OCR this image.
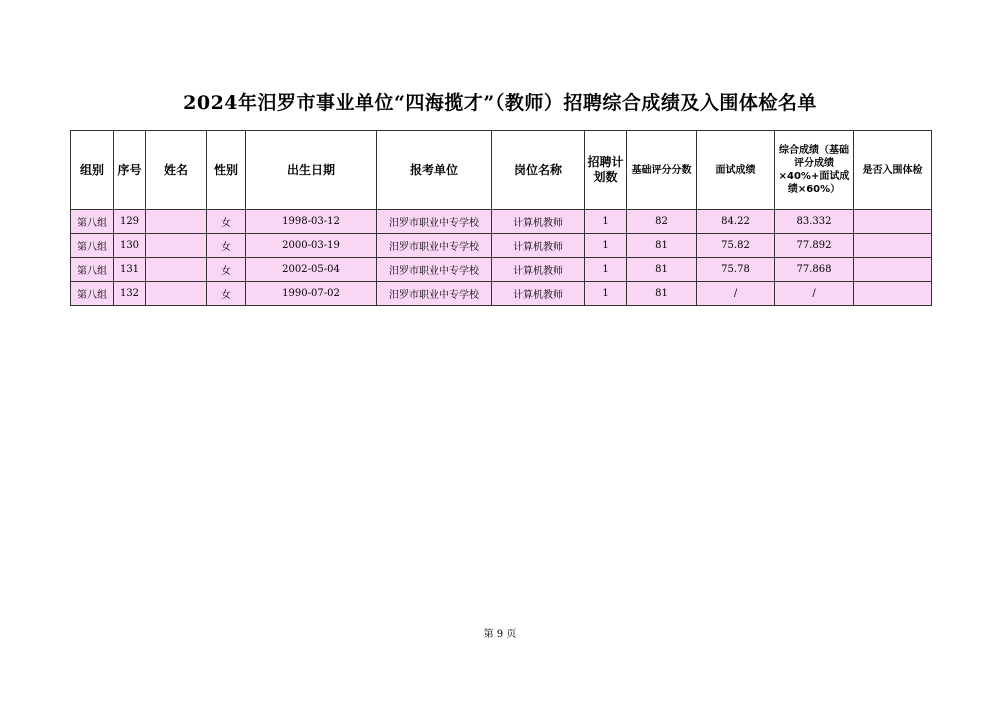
2024年汨罗市事业单位“四海揽才”（教师）招聘综合成绩及入围体检名单
组别	序号	姓名	性别	出生日期	报考单位	岗位名称	招聘计划数	基础评分分数	面试成绩	综合成绩（基础评分成绩×40%+面试成绩×60%）	是否入围体检
第八组	129		女	1998-03-12	汨罗市职业中专学校	计算机教师	1	82	84.22	83.332	
第八组	130		女	2000-03-19	汨罗市职业中专学校	计算机教师	1	81	75.82	77.892	
第八组	131		女	2002-05-04	汨罗市职业中专学校	计算机教师	1	81	75.78	77.868	
第八组	132		女	1990-07-02	汨罗市职业中专学校	计算机教师	1	81	/	/	
第 9 页
